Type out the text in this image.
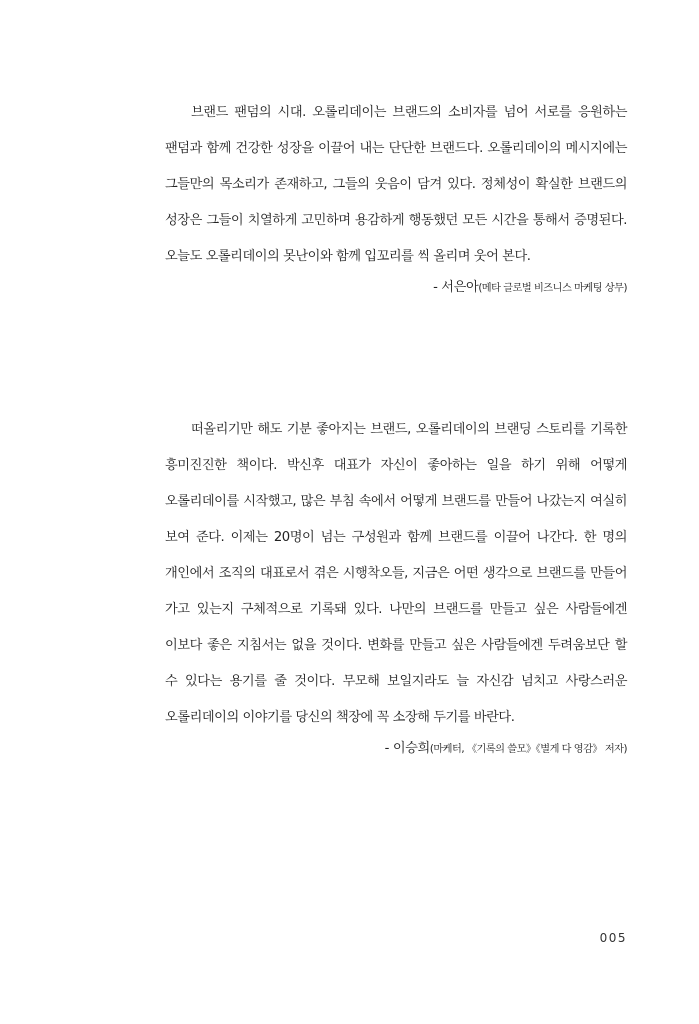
브랜드 팬덤의 시대. 오롤리데이는 브랜드의 소비자를 넘어 서로를 응원하는 팬덤과 함께 건강한 성장을 이끌어 내는 단단한 브랜드다. 오롤리데이의 메시지에는 그들만의 목소리가 존재하고, 그들의 웃음이 담겨 있다. 정체성이 확실한 브랜드의 성장은 그들이 치열하게 고민하며 용감하게 행동했던 모든 시간을 통해서 증명된다. 오늘도 오롤리데이의 못난이와 함께 입꼬리를 씩 올리며 웃어 본다.

- 서은아(메타 글로벌 비즈니스 마케팅 상무)

떠올리기만 해도 기분 좋아지는 브랜드, 오롤리데이의 브랜딩 스토리를 기록한 흥미진진한 책이다. 박신후 대표가 자신이 좋아하는 일을 하기 위해 어떻게 오롤리데이를 시작했고, 많은 부침 속에서 어떻게 브랜드를 만들어 나갔는지 여실히 보여 준다. 이제는 20명이 넘는 구성원과 함께 브랜드를 이끌어 나간다. 한 명의 개인에서 조직의 대표로서 겪은 시행착오들, 지금은 어떤 생각으로 브랜드를 만들어 가고 있는지 구체적으로 기록돼 있다. 나만의 브랜드를 만들고 싶은 사람들에겐 이보다 좋은 지침서는 없을 것이다. 변화를 만들고 싶은 사람들에겐 두려움보단 할 수 있다는 용기를 줄 것이다. 무모해 보일지라도 늘 자신감 넘치고 사랑스러운 오롤리데이의 이야기를 당신의 책장에 꼭 소장해 두기를 바란다.

- 이승희(마케터, 《기록의 쓸모》《별게 다 영감》 저자)

005
